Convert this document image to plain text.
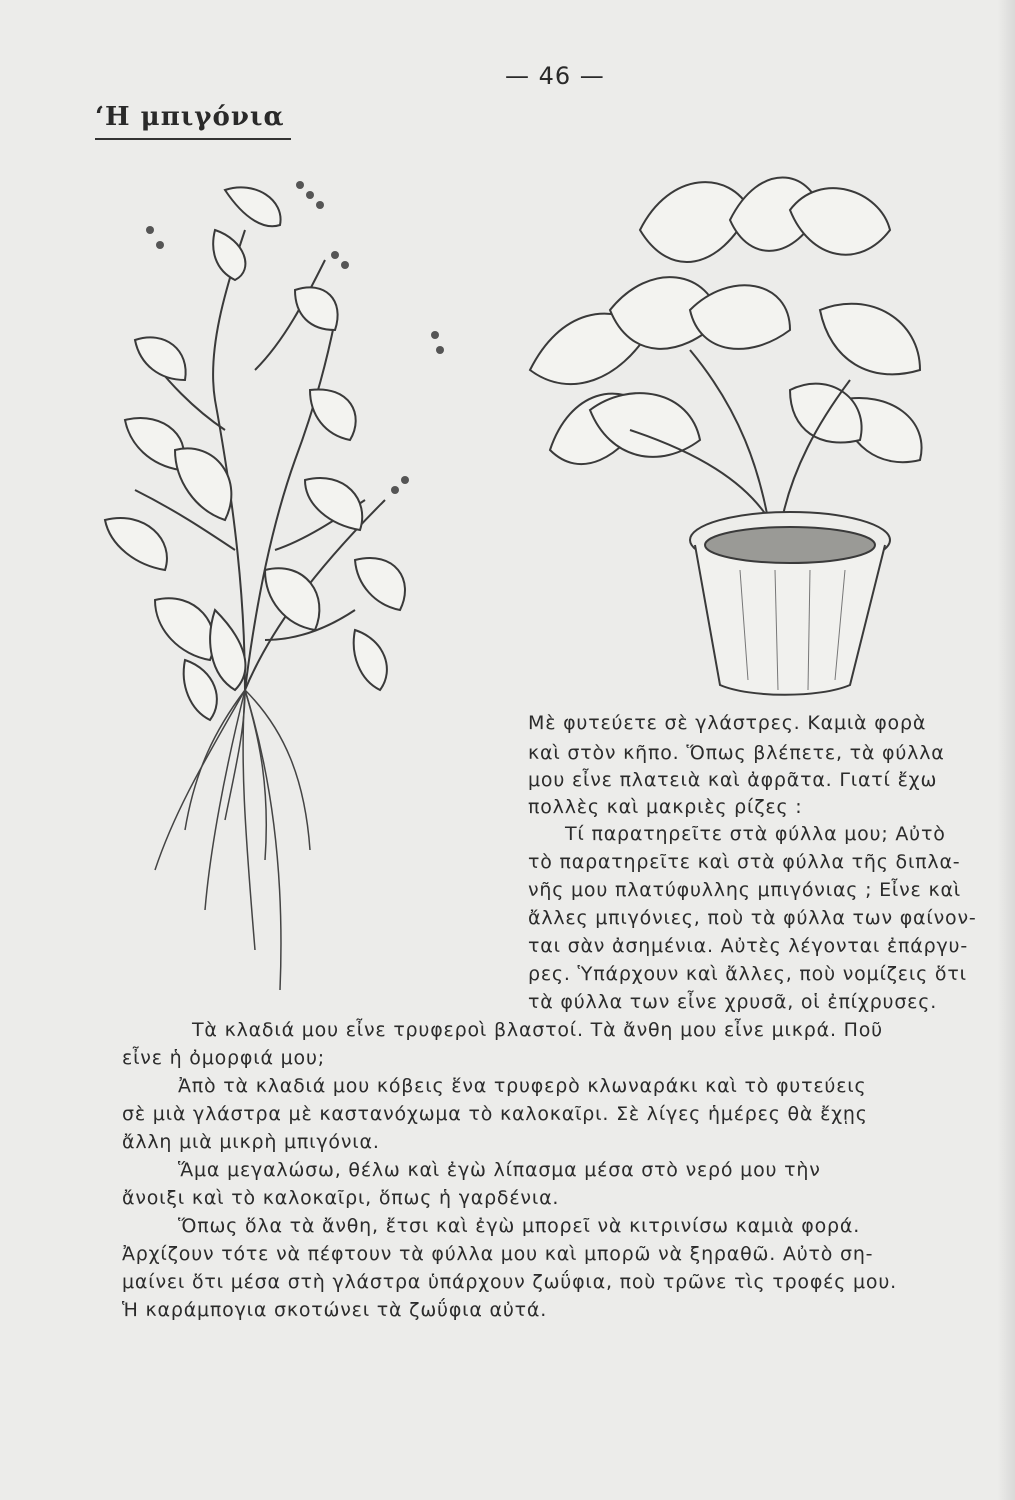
— 46 —
‘Η μπιγόνια
Μὲ φυτεύετε σὲ γλάστρες. Καμιὰ φορὰ
καὶ στὸν κῆπο. Ὅπως βλέπετε, τὰ φύλλα
μου εἶνε πλατειὰ καὶ ἀφρᾶτα. Γιατί ἔχω
πολλὲς καὶ μακριὲς ρίζες :
Τί παρατηρεῖτε στὰ φύλλα μου; Αὐτὸ
τὸ παρατηρεῖτε καὶ στὰ φύλλα τῆς διπλα-
νῆς μου πλατύφυλλης μπιγόνιας ; Εἶνε καὶ
ἄλλες μπιγόνιες, ποὺ τὰ φύλλα των φαίνον-
ται σὰν ἀσημένια. Αὐτὲς λέγονται ἐπάργυ-
ρες. Ὑπάρχουν καὶ ἄλλες, ποὺ νομίζεις ὅτι
τὰ φύλλα των εἶνε χρυσᾶ, οἱ ἐπίχρυσες.
Τὰ κλαδιά μου εἶνε τρυφεροὶ βλαστοί. Τὰ ἄνθη μου εἶνε μικρά. Ποῦ
εἶνε ἡ ὀμορφιά μου;
Ἀπὸ τὰ κλαδιά μου κόβεις ἕνα τρυφερὸ κλωναράκι καὶ τὸ φυτεύεις
σὲ μιὰ γλάστρα μὲ καστανόχωμα τὸ καλοκαῖρι. Σὲ λίγες ἡμέρες θὰ ἔχῃς
ἄλλη μιὰ μικρὴ μπιγόνια.
Ἅμα μεγαλώσω, θέλω καὶ ἐγὼ λίπασμα μέσα στὸ νερό μου τὴν
ἄνοιξι καὶ τὸ καλοκαῖρι, ὅπως ἡ γαρδένια.
Ὅπως ὅλα τὰ ἄνθη, ἔτσι καὶ ἐγὼ μπορεῖ νὰ κιτρινίσω καμιὰ φορά.
Ἀρχίζουν τότε νὰ πέφτουν τὰ φύλλα μου καὶ μπορῶ νὰ ξηραθῶ. Αὐτὸ ση-
μαίνει ὅτι μέσα στὴ γλάστρα ὑπάρχουν ζωΰφια, ποὺ τρῶνε τὶς τροφές μου.
Ἡ καράμπογια σκοτώνει τὰ ζωΰφια αὐτά.
